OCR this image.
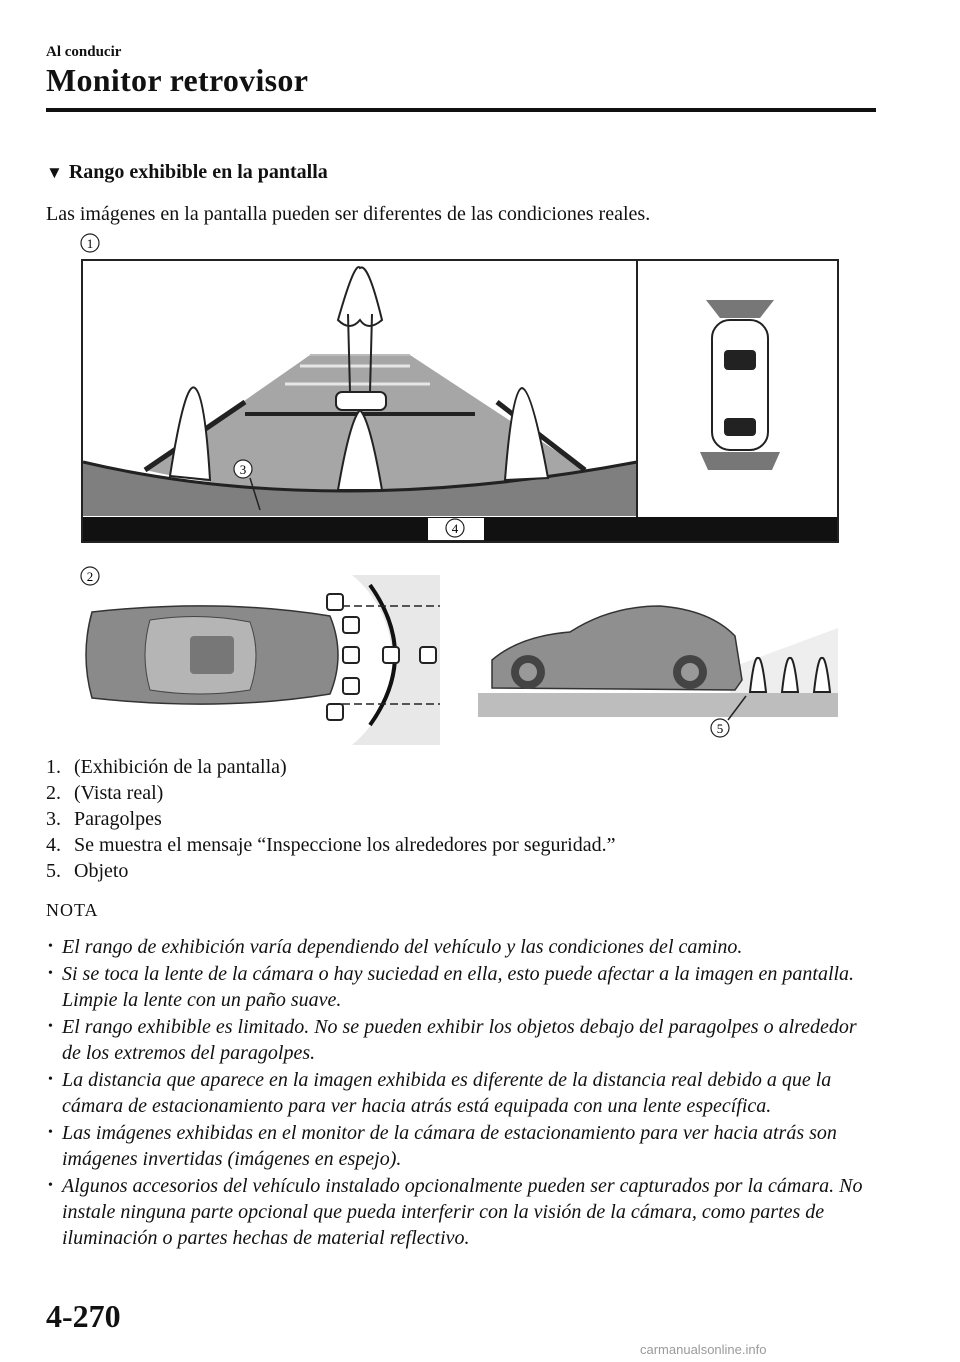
Al conducir
Monitor retrovisor
▼ Rango exhibible en la pantalla
Las imágenes en la pantalla pueden ser diferentes de las condiciones reales.
1
2
3
4
5
1. (Exhibición de la pantalla)
2. (Vista real)
3. Paragolpes
4. Se muestra el mensaje “Inspeccione los alrededores por seguridad.”
5. Objeto
NOTA
• El rango de exhibición varía dependiendo del vehículo y las condiciones del camino.
• Si se toca la lente de la cámara o hay suciedad en ella, esto puede afectar a la imagen en pantalla. Limpie la lente con un paño suave.
• El rango exhibible es limitado. No se pueden exhibir los objetos debajo del paragolpes o alrededor de los extremos del paragolpes.
• La distancia que aparece en la imagen exhibida es diferente de la distancia real debido a que la cámara de estacionamiento para ver hacia atrás está equipada con una lente específica.
• Las imágenes exhibidas en el monitor de la cámara de estacionamiento para ver hacia atrás son imágenes invertidas (imágenes en espejo).
• Algunos accesorios del vehículo instalado opcionalmente pueden ser capturados por la cámara. No instale ninguna parte opcional que pueda interferir con la visión de la cámara, como partes de iluminación o partes hechas de material reflectivo.
4-270
carmanualsonline.info
